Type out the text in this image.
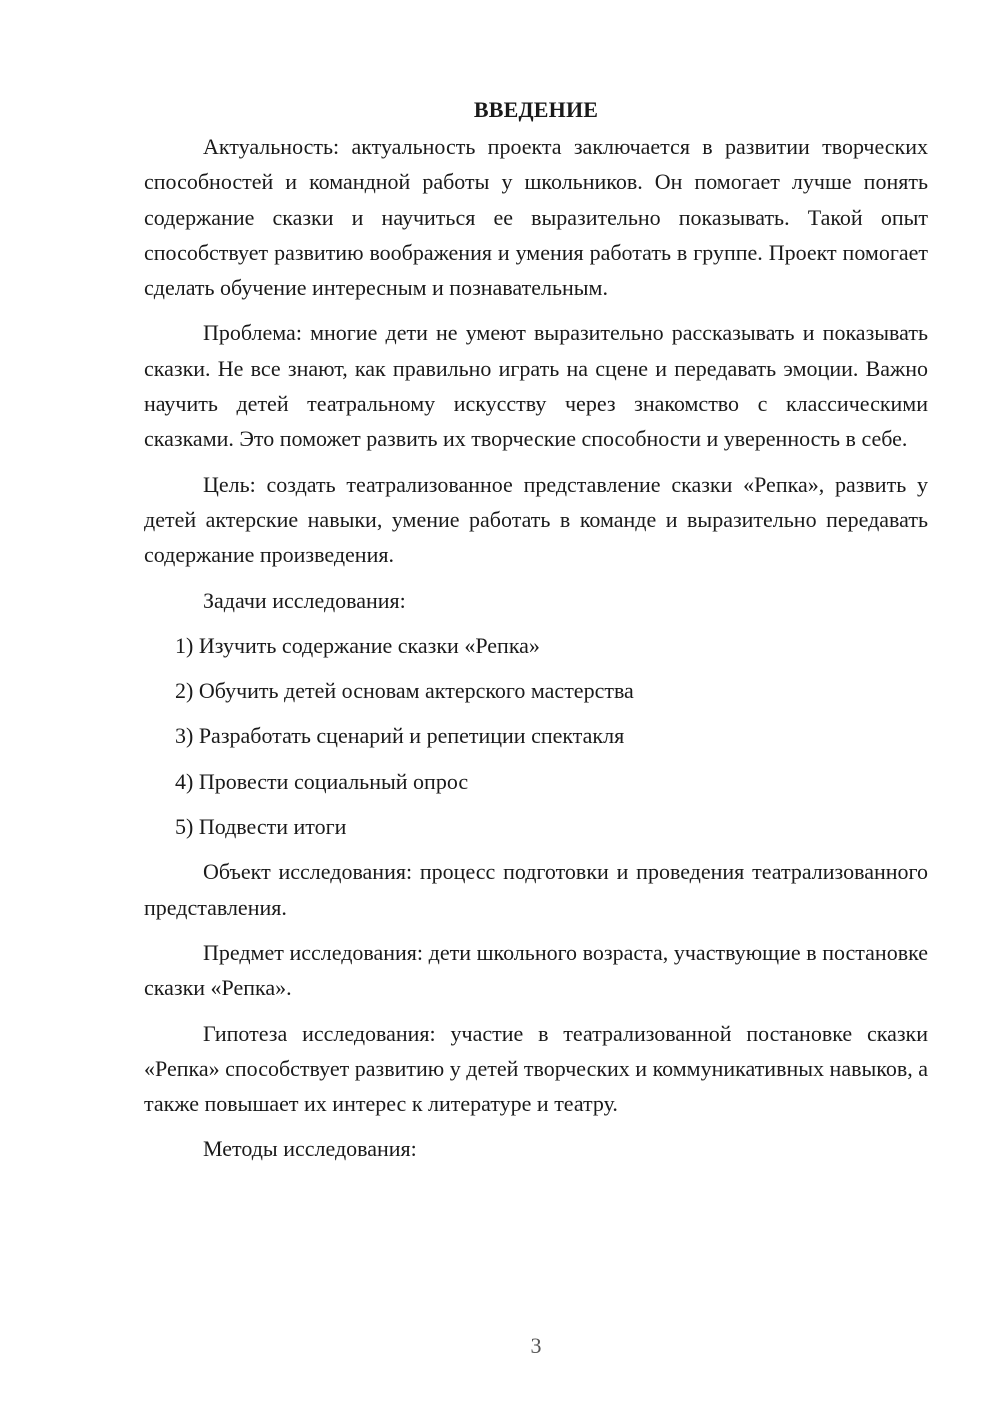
ВВЕДЕНИЕ

Актуальность: актуальность проекта заключается в развитии творческих способностей и командной работы у школьников. Он помогает лучше понять содержание сказки и научиться ее выразительно показывать. Такой опыт способствует развитию воображения и умения работать в группе. Проект помогает сделать обучение интересным и познавательным.

Проблема: многие дети не умеют выразительно рассказывать и показывать сказки. Не все знают, как правильно играть на сцене и передавать эмоции. Важно научить детей театральному искусству через знакомство с классическими сказками. Это поможет развить их творческие способности и уверенность в себе.

Цель: создать театрализованное представление сказки «Репка», развить у детей актерские навыки, умение работать в команде и выразительно передавать содержание произведения.

Задачи исследования:

1) Изучить содержание сказки «Репка»
2) Обучить детей основам актерского мастерства
3) Разработать сценарий и репетиции спектакля
4) Провести социальный опрос
5) Подвести итоги

Объект исследования: процесс подготовки и проведения театрализованного представления.

Предмет исследования: дети школьного возраста, участвующие в постановке сказки «Репка».

Гипотеза исследования: участие в театрализованной постановке сказки «Репка» способствует развитию у детей творческих и коммуникативных навыков, а также повышает их интерес к литературе и театру.

Методы исследования:

3
